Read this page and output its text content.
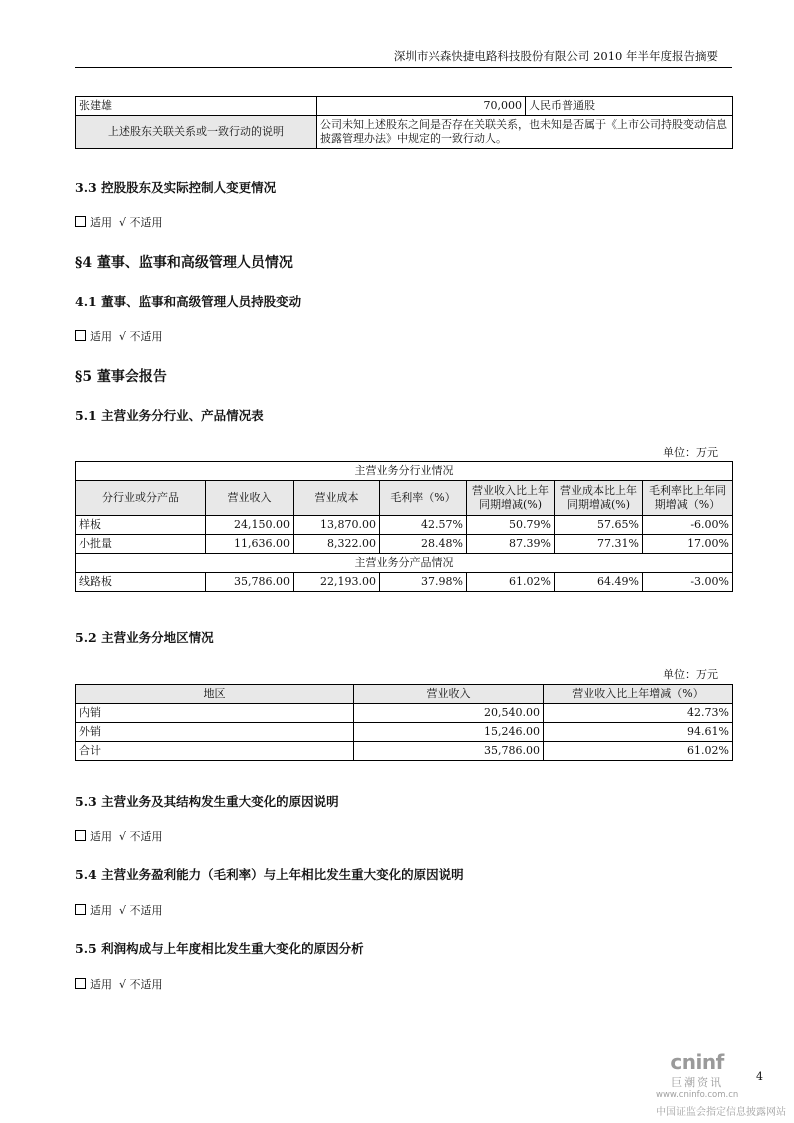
深圳市兴森快捷电路科技股份有限公司 2010 年半年度报告摘要
张建雄	70,000	人民币普通股
上述股东关联关系或一致行动的说明	公司未知上述股东之间是否存在关联关系，也未知是否属于《上市公司持股变动信息披露管理办法》中规定的一致行动人。	
3.3 控股股东及实际控制人变更情况
适用 √ 不适用
§4 董事、监事和高级管理人员情况
4.1 董事、监事和高级管理人员持股变动
适用 √ 不适用
§5 董事会报告
5.1 主营业务分行业、产品情况表
单位：万元
主营业务分行业情况						
分行业或分产品	营业收入	营业成本	毛利率（%）	营业收入比上年同期增减(%)	营业成本比上年同期增减(%)	毛利率比上年同期增减（%）
样板	24,150.00	13,870.00	42.57%	50.79%	57.65%	-6.00%
小批量	11,636.00	8,322.00	28.48%	87.39%	77.31%	17.00%
主营业务分产品情况						
线路板	35,786.00	22,193.00	37.98%	61.02%	64.49%	-3.00%
5.2 主营业务分地区情况
单位：万元
地区	营业收入	营业收入比上年增减（%）
内销	20,540.00	42.73%
外销	15,246.00	94.61%
合计	35,786.00	61.02%
5.3 主营业务及其结构发生重大变化的原因说明
适用 √ 不适用
5.4 主营业务盈利能力（毛利率）与上年相比发生重大变化的原因说明
适用 √ 不适用
5.5 利润构成与上年度相比发生重大变化的原因分析
适用 √ 不适用
4
cninf
巨潮资讯
www.cninfo.com.cn
中国证监会指定信息披露网站
